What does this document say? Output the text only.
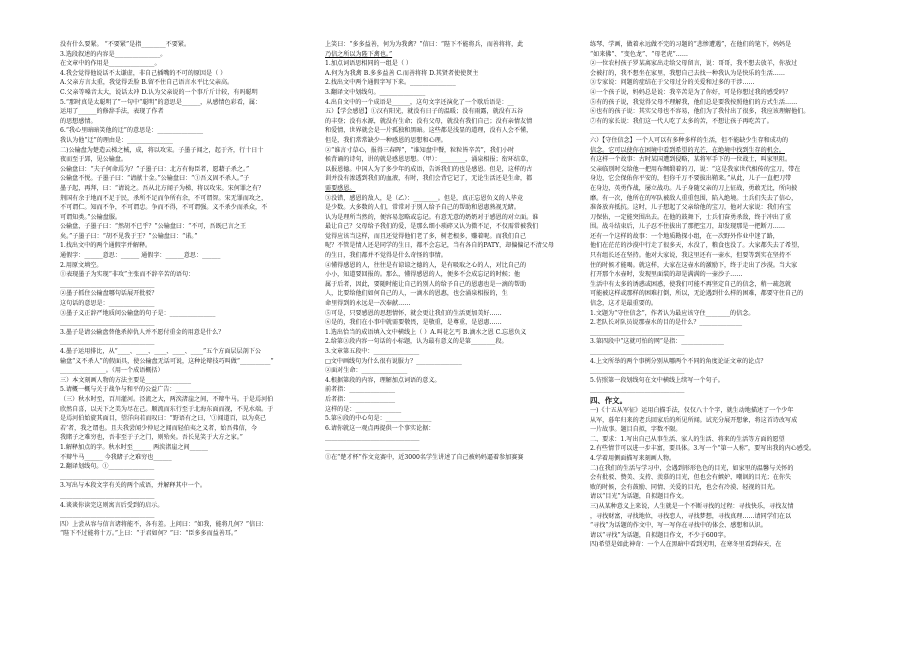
没有什么要紧。 “不要紧”是指________不要紧。
3.选段叙述的内容是_______________。
在文章中的作用是_______________。
4.我会觉得他说话不太谦虚，非自己插嘴的不可的原因是（ ）
A.父亲方言太重，我觉得丢脸 B.留不住自己语言水平比父亲高。
C.父亲等嗓音太大，说话太冲 D.认为父亲说的一个事斤斤计较，有吗聪明
5.“那时真是太聪明了”一句中“聪明”的意思是______，从感情色彩看，属：
运用了______的修辞手法，表现了作者
的思想感情。
6.“我心里暗暗笑他的迂”的意思是：_______________
我认为他“迂”的理由是：_______________
二)公输盘为楚造云梯之械，成，将以攻宋。子墨子闻之，起于齐，行十日十
夜而至于郢，见公输盘。
公输盘曰：“夫子何命焉为？”子墨子曰：北方有侮臣者，愿藉子杀之。”
公输盘不悦。子墨子曰：“请献十金。”公输盘曰：“①吾义固不杀人。”子
墨子起，再拜，曰：“请说之。吾从北方闻子为梯，将以攻宋。宋何罪之有？
荆国有余于地而不足于民，杀所不足而争所有余，不可谓智。宋无罪而攻之，
不可谓仁。知而不争，不可谓忠。争而不得，不可谓强。义不杀少而杀众，不
可谓知类。”公输盘服。
公输盘，子墨子曰：“然胡不已乎？”公输盘曰：“不可，吾既已言之王
矣。”子墨子曰：“胡不见我于王？”公输盘曰：“诺。”
1.找出文中的两个通假字并解释。
通假字：______意思：______ 通假字：______意思：______
2.用原文填空。
①表现墨子为实现“非攻”主张而不辞辛苦的语句：
_______________________________
②墨子抓住公输盘哪句话展开批驳？
这句话的意思是：_______________
③墨子义正辞严地质问公输盘的句子是：_______________
_______________________________
3.墨子是请公输盘替他杀掉仇人并不愿付重金的用意是什么？
_______________________________
4.墨子运用排比，从“____、____、____、____、____”五个方面层层剖下公
输盘“义不杀人”的假面具，使公输盘无话可说，这种论辩技巧叫做“__________”
_______________。（用一个成语概括）
三）本文刻画人物的方法主要是_______________
5.请概一概与关于战争与和平的公益广告：_______________
（三）秋水时至，百川灌河。泾流之大，两涘渚崖之间，不辩牛马。于是焉河伯
欣然自喜，以天下之美为尽在己。顺流而东行至于北海东面而视，不见水端。于
是焉河伯始旋其面目，望洋向若而叹曰：“野语有之曰，‘①闻道百，以为莫己
若’者，我之谓也。且夫我尝闻少仲尼之闻而轻伯夷之义者，始吾弗信，今
我睹子之难穷也，吾非至于子之门，则殆矣。吾长见笑于大方之家。”
1.解释加点的字。秋水时至______ 两涘渚崖之间______
不辩牛马______ 今我睹子之难穷也______
2.翻译划线句。①_______________
_______________________________
3.写出与本段文字有关的两个成语，并解释其中一个。
_______________________________
4.谈谈你读完这则寓言后受到的启示。
_______________________________
四）上尝从容与信言诸将能不，各有差。上问曰：“如我，能将几何？”信曰：
“陛下不过能将十万。”上曰：“于君如何？”曰：“臣多多而益善耳。”
上笑曰：“多多益善，何为为我禽？”信曰：“陛下不能将兵，而善将将，此
乃信之所以为陛下禽也。”
1.加点词语思相同的一组是（ ）
A.何为为我禽 B.多多益善 C.而善将将 D.其贤者使使贤主
2.找出文中两个通假字写下来。_______________
3.翻译文中划线句。_______________
4.出自文中的一个成语是______，这句文字还演化了一个歇后语是：__
五）【学会感恩】①汉有阳光，就没有日子的温暖；没有雨露，就没有五谷
的丰登；没有水源，就没有生命；没有父母，就没有我们自己；没有亲情友情
和爱情，世界就会是一片孤独和黑暗。这些都是浅显的道理，没有人会不懂，
但是，我们常常缺少一种感恩的思想和心理。
②“谁言寸草心，报得三春晖”，“谁知盘中餐，粒粒皆辛苦”，我们小时
候背诵的诗句，讲的就是感恩思想。（甲）：________，涌泉相报；衔环结草，
以报恩德。中国人为了多少年的成语，告诉我们的也是感恩。但是，这样的古
训并没有渗透到我们的血液，有时，我们会背它记了，无论生活还是生命，都
需要感恩。
③没错，感恩的敌人，是（乙）：________。但是，真正忘恩负义的人毕竟
是少数。大多数的人们，常常对于别人给予自己的帮助和恩惠熟视无睹。
认为是理所当然的，便容易忽略或忘记。有意无意的奶奶对于感恩的对立面。谁
最让自己？父母给予我们的爱，是那么细小琐碎又认为微不足，不仅需常被我们
觉得应该当这样，而且还觉得他们老了多，树老根多，赚着呢。而我们自己
呢？不管是情人还是同学的生日，都不会忘记，当有各自的PATY，却偏偏记不清父母
的生日，我们都并不觉得是什么奇怪的事情。
④懂得感恩的人，往往是有谅谅之德的人，是有吸取之心的人，对比自己的
小小，知道要回报的。那么，懂得感恩的人，便多不会成忘记的时候；他
属于后者，因此，要随时能让自己的别人的给予自己的恩惠也是一滴的帮助
人，比要给他们如何自己的人，一滴水的恩惠，也会涌泉相报的，生
命里得到的永远是一次奉献……
⑤可是，只要感恩的思想情怀，就会更让我们的生活更加美好……
⑥是的，我们在小事中就需要敬畏，是敬重，是尊重，是恩惠……
1.选出恰当的成语填入文中横线上（ ）A.叫花乞丐 B.滴水之恩 C.忘恩负义
2.给第③段内容一句话的小标题，认为最有意义的是第________段。
3.文章第五段中：_______________
□文中画线句为什么很有说服力？_______________
②面对生命：_______________
4.根据第段的内容，理解加点词语的意义。
前者指：_______________
后者指：_______________
这样的是：_______________
5.第⑥段的中心句是：_______________
6.请你就这一观点再提供一个事实论据：
_______________________________
_______________________________
①在“楚才杯”作文竞赛中，近3000名学生讲述了自己被妈妈逼着参加赛赛
练琴、学画，做着永远做不完的习题的“悲惨遭遇”，在他们的笔下，妈妈是
“如来佛”、“变色龙”、“母老虎”……
②一位农村孩子罗某离家出走给父母留言，说：哥哥，我不想去放羊，你放过
会被打的，我不想坐在家里，我想自己去找一种我认为是快乐的生活……
③专家说：问题的症结在于父母过分的关爱和过多的干涉……
④一个孩子说，妈妈总是说：我辛苦是为了你好，可是你想过我的感受吗？
⑤有的孩子说，我觉得父母不理解我，他们总是要我按照他们的方式生活……
⑥也有的孩子说：其实父母也不容易，他们为了我付出了很多，我应该理解他们。
⑦有的家长说：我们这一代人吃了太多的苦，不想让孩子再吃苦了。
_______________________________
六）【守住信念】一个人可以有多种多样的生活，但不能缺少生存和成功的
信念。它可以使你在困境中看到希望的光芒，在绝境中找到生存的机会。
有这样一个故事：古时某国遭到侵略，某将军手下的一位战士，叫家里阻。
父亲临别时交给他一把用布绸缎着的刀，说：“这是我家世代相传的宝刀，带在
身边，它会保佑你平安的，但你千万不要拔出鞘来。”从此，儿子一直把刀带
在身边，英勇作战，屡立战功。儿子身随父亲的刀上征战，勇敢无比，所向披
靡。有一次，他所在的军队被敌人重重包围，陷入绝境。士兵们失去了信心，
准备放弃抵抗。这时，儿子想起了父亲给他的宝刀，他对大家说：我们有宝
刀保佑，一定能突围出去。在他的鼓舞下，士兵们奋勇杀敌，终于冲出了重
围。战斗结束后，儿子忍不住拔出了那把宝刀，却发现那是一把断刀……
还有一个这样的故事：一个地质勘探小组，在一次野外作业中迷了路，
他们在茫茫的沙漠中行走了很多天，水没了，粮食也没了。大家都失去了希望，
只有组长还在坚持。他对大家说，我这里还有一壶水，但要等到实在坚持不
住的时候才能喝。就这样，大家在这壶水的激励下，终于走出了沙漠。当大家
打开那个水壶时，发现里面装的却是满满的一壶沙子……
生活中有太多的诱惑或困惑，使我们可能不再坚定自己的信念，稍一疏忽就
可能被这样或那样的困难打倒，所以，无论遇到什么样的困难，都要守住自己的
信念，这才是最重要的。
1.文题为“守住信念”，作者认为最应该守住________的信念。
2.老队长对队员说那壶水的目的是什么？______________
_______________________________
3.第四段中“这就可怕的网”是指：______________
_______________________________
4.上文所举的两个事例分别从哪两个不同的角度论证文章的论点？
_______________________________
5.仿照第一段划线句在文中横线上续写一个句子。
_______________________________
四、作文。
一)《十五从军征》运用白描手法，仅仅八十个字，就生动地描述了一个少年
从军，暮年归来的老兵回家后的所见所闻。试充分展开想象，将这首诗改写成
一片故事。题目自拟，字数不限。
二、要求：1.写出自己从事生活、家人的生活、将来的生活等方面的愿望
2.有些情节可以进一步丰富，要具体。3.写一个“第一人称”，要写出我的内心感受。
4.学着用侧面描写来刻画人物。
二)在我们的生活与学习中，会遇到形形色色的目光，如家里的温馨与关怀的
会有批驳、赞美、支持、羡慕的目光，但也会有嫉妒、嘲讽的目光；在你失
败的时候，会有鼓励、同情、关爱的目光，也会有冷漠、轻视的目光。
请以“目光”为话题，自拟题目作文。
三)从某种意义上来说，人生就是一个不断寻找的过程：寻找快乐，寻找友情
，寻找财富，寻找地位，寻找恋人，寻找梦想，寻找真理……请同学们在以
“寻找”为话题的作文中，写一写你在寻找中的体会、感想和认识。
请以“寻找”为话题，自拟题目作文，不少于600字。
四)希望是如此神奇：一个人在黑暗中看到光明，在寒冬里看到春天，在
